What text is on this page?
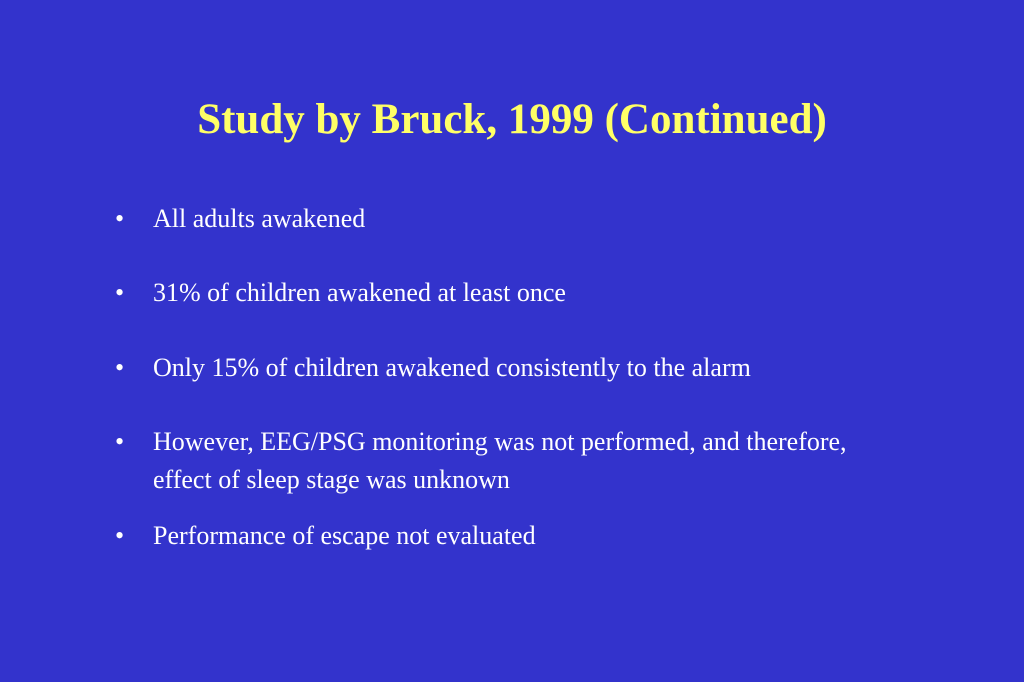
Study by Bruck, 1999 (Continued)
•	All adults awakened
•	31% of children awakened at least once
•	Only 15% of children awakened consistently to the alarm
•	However, EEG/PSG monitoring was not performed, and therefore, effect of sleep stage was unknown
•	Performance of escape not evaluated
